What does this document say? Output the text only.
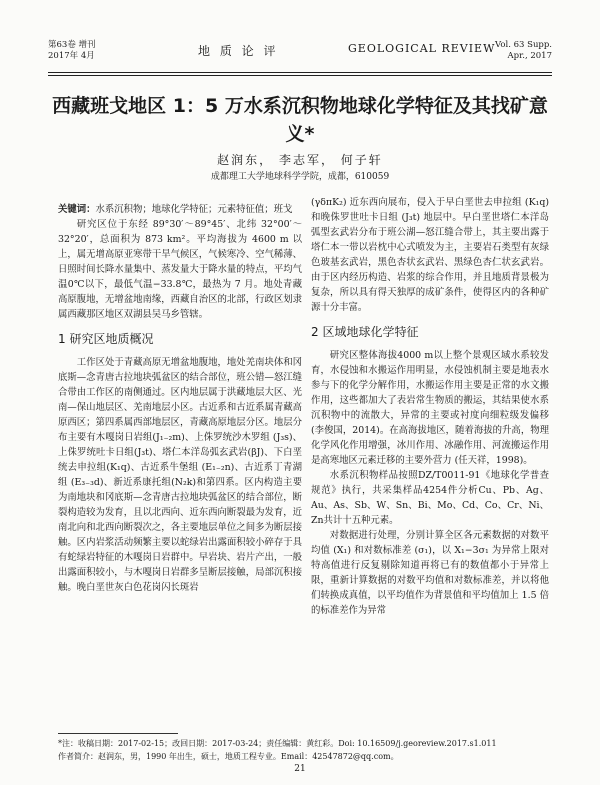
第63卷 增刊
2017年 4月	地 质 论 评	GEOLOGICAL REVIEW Vol. 63 Supp.
Apr., 2017
西藏班戈地区 1：5 万水系沉积物地球化学特征及其找矿意义*
赵润东， 李志军， 何子轩
成都理工大学地球科学学院，成都，610059

关键词：水系沉积物；地球化学特征；元素特征值；班戈

研究区位于东经 89°30′～89°45′、北纬 32°00′～32°20′，总面积为 873 km²。平均海拔为 4600 m 以上，属无增高原亚寒带干旱气候区，气候寒冷、空气稀薄、日照时间长降水量集中、蒸发量大于降水量的特点，平均气温0℃以下，最低气温−33.8℃，最热为 7 月。地处青藏高原腹地，无增盆地南缘，西藏自治区的北部，行政区划隶属西藏那区地区双湖县吴马乡管辖。

1 研究区地质概况

工作区处于青藏高原无增盆地腹地，地处羌南块体和冈底斯—念青唐古拉地块弧盆区的结合部位，班公错—怒江缝合带由工作区的南侧通过。区内地层属于洪藏地层大区、光南—保山地层区、羌南地层小区。古近系和古近系属青藏高原西区；第四系属西部地层区，青藏高原地层分区。地层分布主要有木嘎岗日岩组(J₁₋₂m)、上侏罗统沙木罗组 (J₃s)、上侏罗统吐卡日组(J₃t)、塔仁本洋岛弧玄武岩(βJ)、下白垩统去申拉组(K₁q)、古近系牛堡组 (E₁₋₂n)、古近系丁青湖组 (E₃₋₃d)、新近系康托组(N₂k)和第四系。区内构造主要为南地块和冈底斯—念青唐古拉地块弧盆区的结合部位，断裂构造较为发育，且以北西向、近东西向断裂最为发育，近南北向和北西向断裂次之，各主要地层单位之间多为断层接触。区内岩浆活动频繁主要以蛇绿岩出露面积较小碎存于具有蛇绿岩特征的木嘎岗日岩群中。早岩块、岩片产出，一般出露面积较小，与木嘎岗日岩群多呈断层接触，局部沉积接触。晚白垩世灰白色花岗闪长斑岩

(γδπK₂) 近东西向展布，侵入于早白垩世去申拉组 (K₁q) 和晚侏罗世吐卡日组 (J₃t) 地层中。早白垩世塔仁本洋岛弧型玄武岩分布于班公湖—怒江缝合带上，其主要出露于塔仁本一带以岩枕中心式喷发为主，主要岩石类型有灰绿色玻基玄武岩，黑色杏状玄武岩、黑绿色杏仁状玄武岩。由于区内经历构造、岩浆的综合作用，并且地质背景极为复杂，所以具有得天独厚的成矿条件，使得区内的各种矿源十分丰富。

2 区域地球化学特征

研究区整体海拔4000 m以上整个景观区域水系较发育，水侵蚀和水搬运作用明显，水侵蚀机制主要是地表水参与下的化学分解作用，水搬运作用主要是正常的水文搬作用，这些都加大了表岩常生物质的搬运，其结果使水系沉积物中的流散大，异常的主要或衬度向细粒级发偏移 (李俊国，2014)。在高海拔地区，随着海拔的升高，物理化学风化作用增强，冰川作用、冰融作用、河流搬运作用是高寒地区元素迁移的主要外营力 (任天祥，1998)。

水系沉积物样品按照DZ/T0011-91《地球化学普查规范》执行，共采集样品4254件分析Cu、Pb、Ag、Au、As、Sb、W、Sn、Bi、Mo、Cd、Co、Cr、Ni、Zn共计十五种元素。

对数据进行处理，分别计算全区各元素数据的对数平均值 (X₁) 和对数标准差 (σ₁)，以 X₁−3σ₁ 为异常上限对特高值进行反复剔除知道再将已有的数值都小于异常上限，重新计算数据的对数平均值和对数标准差，并以将他们转换成真值，以平均值作为背景值和平均值加上 1.5 倍的标准差作为异常

*注：收稿日期：2017-02-15；改回日期：2017-03-24；责任编辑：黄红彩。Doi: 10.16509/j.georeview.2017.s1.011
作者简介：赵润东，男，1990 年出生，硕士，地质工程专业。Email：42547872@qq.com。
21
